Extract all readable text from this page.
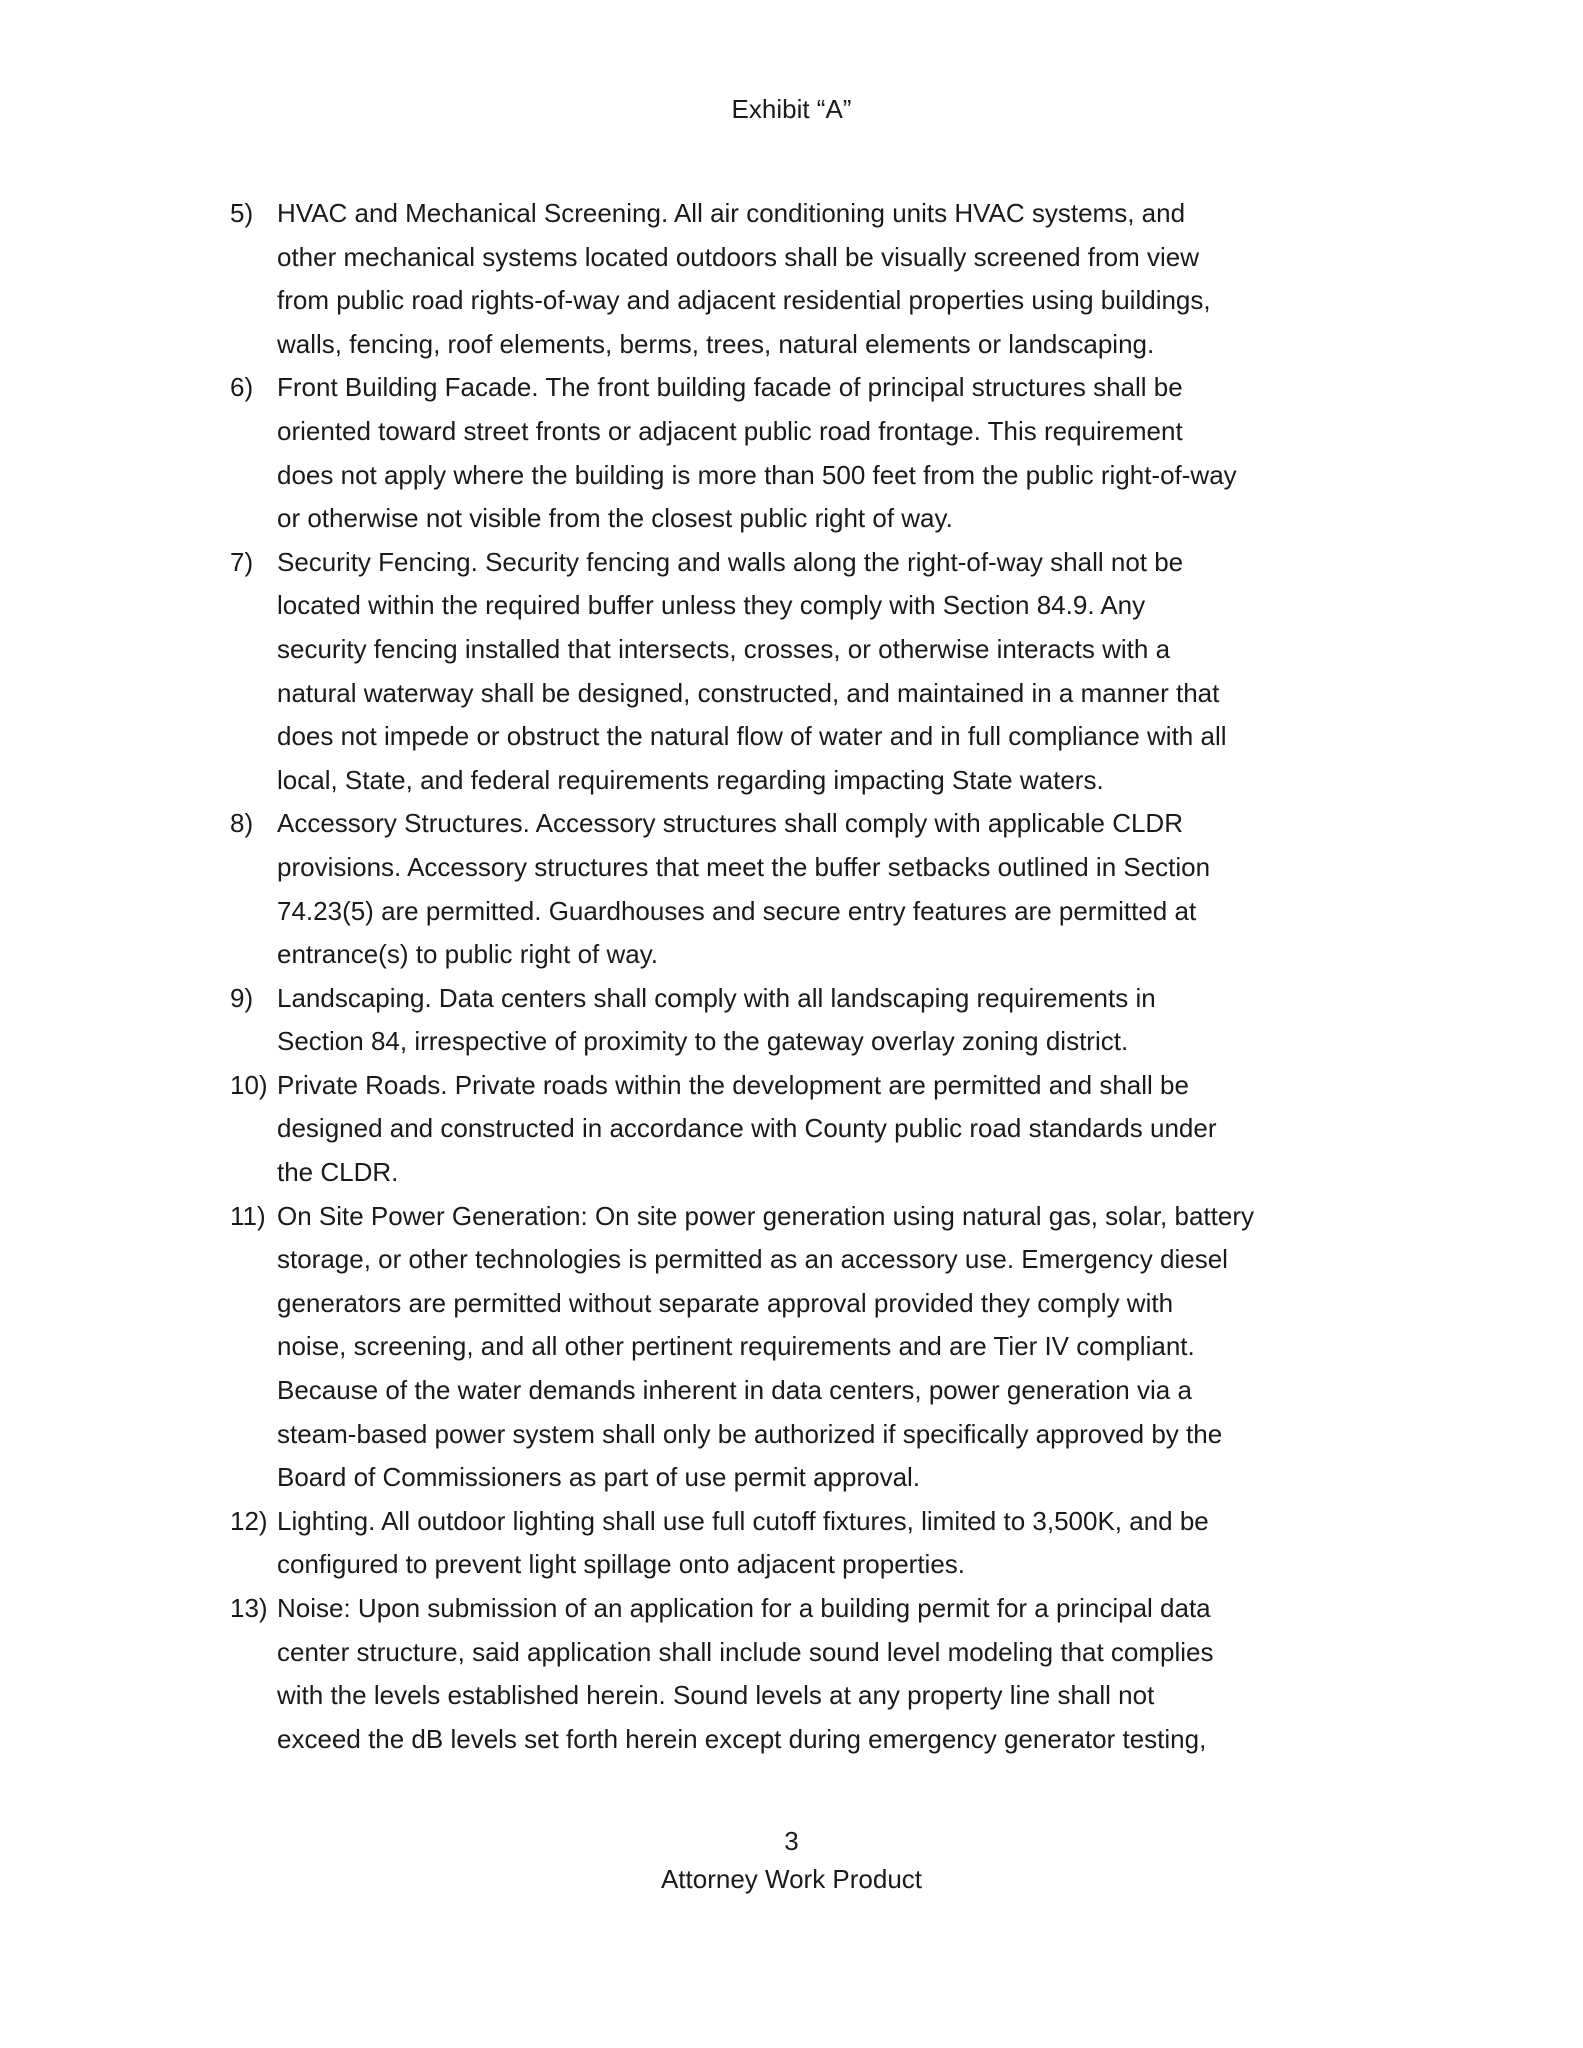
Exhibit “A”
5) HVAC and Mechanical Screening. All air conditioning units HVAC systems, and
other mechanical systems located outdoors shall be visually screened from view
from public road rights-of-way and adjacent residential properties using buildings,
walls, fencing, roof elements, berms, trees, natural elements or landscaping.
6) Front Building Facade. The front building facade of principal structures shall be
oriented toward street fronts or adjacent public road frontage. This requirement
does not apply where the building is more than 500 feet from the public right-of-way
or otherwise not visible from the closest public right of way.
7) Security Fencing. Security fencing and walls along the right-of-way shall not be
located within the required buffer unless they comply with Section 84.9. Any
security fencing installed that intersects, crosses, or otherwise interacts with a
natural waterway shall be designed, constructed, and maintained in a manner that
does not impede or obstruct the natural flow of water and in full compliance with all
local, State, and federal requirements regarding impacting State waters.
8) Accessory Structures. Accessory structures shall comply with applicable CLDR
provisions. Accessory structures that meet the buffer setbacks outlined in Section
74.23(5) are permitted. Guardhouses and secure entry features are permitted at
entrance(s) to public right of way.
9) Landscaping. Data centers shall comply with all landscaping requirements in
Section 84, irrespective of proximity to the gateway overlay zoning district.
10) Private Roads. Private roads within the development are permitted and shall be
designed and constructed in accordance with County public road standards under
the CLDR.
11) On Site Power Generation: On site power generation using natural gas, solar, battery
storage, or other technologies is permitted as an accessory use. Emergency diesel
generators are permitted without separate approval provided they comply with
noise, screening, and all other pertinent requirements and are Tier IV compliant.
Because of the water demands inherent in data centers, power generation via a
steam-based power system shall only be authorized if specifically approved by the
Board of Commissioners as part of use permit approval.
12) Lighting. All outdoor lighting shall use full cutoff fixtures, limited to 3,500K, and be
configured to prevent light spillage onto adjacent properties.
13) Noise: Upon submission of an application for a building permit for a principal data
center structure, said application shall include sound level modeling that complies
with the levels established herein. Sound levels at any property line shall not
exceed the dB levels set forth herein except during emergency generator testing,
3
Attorney Work Product
